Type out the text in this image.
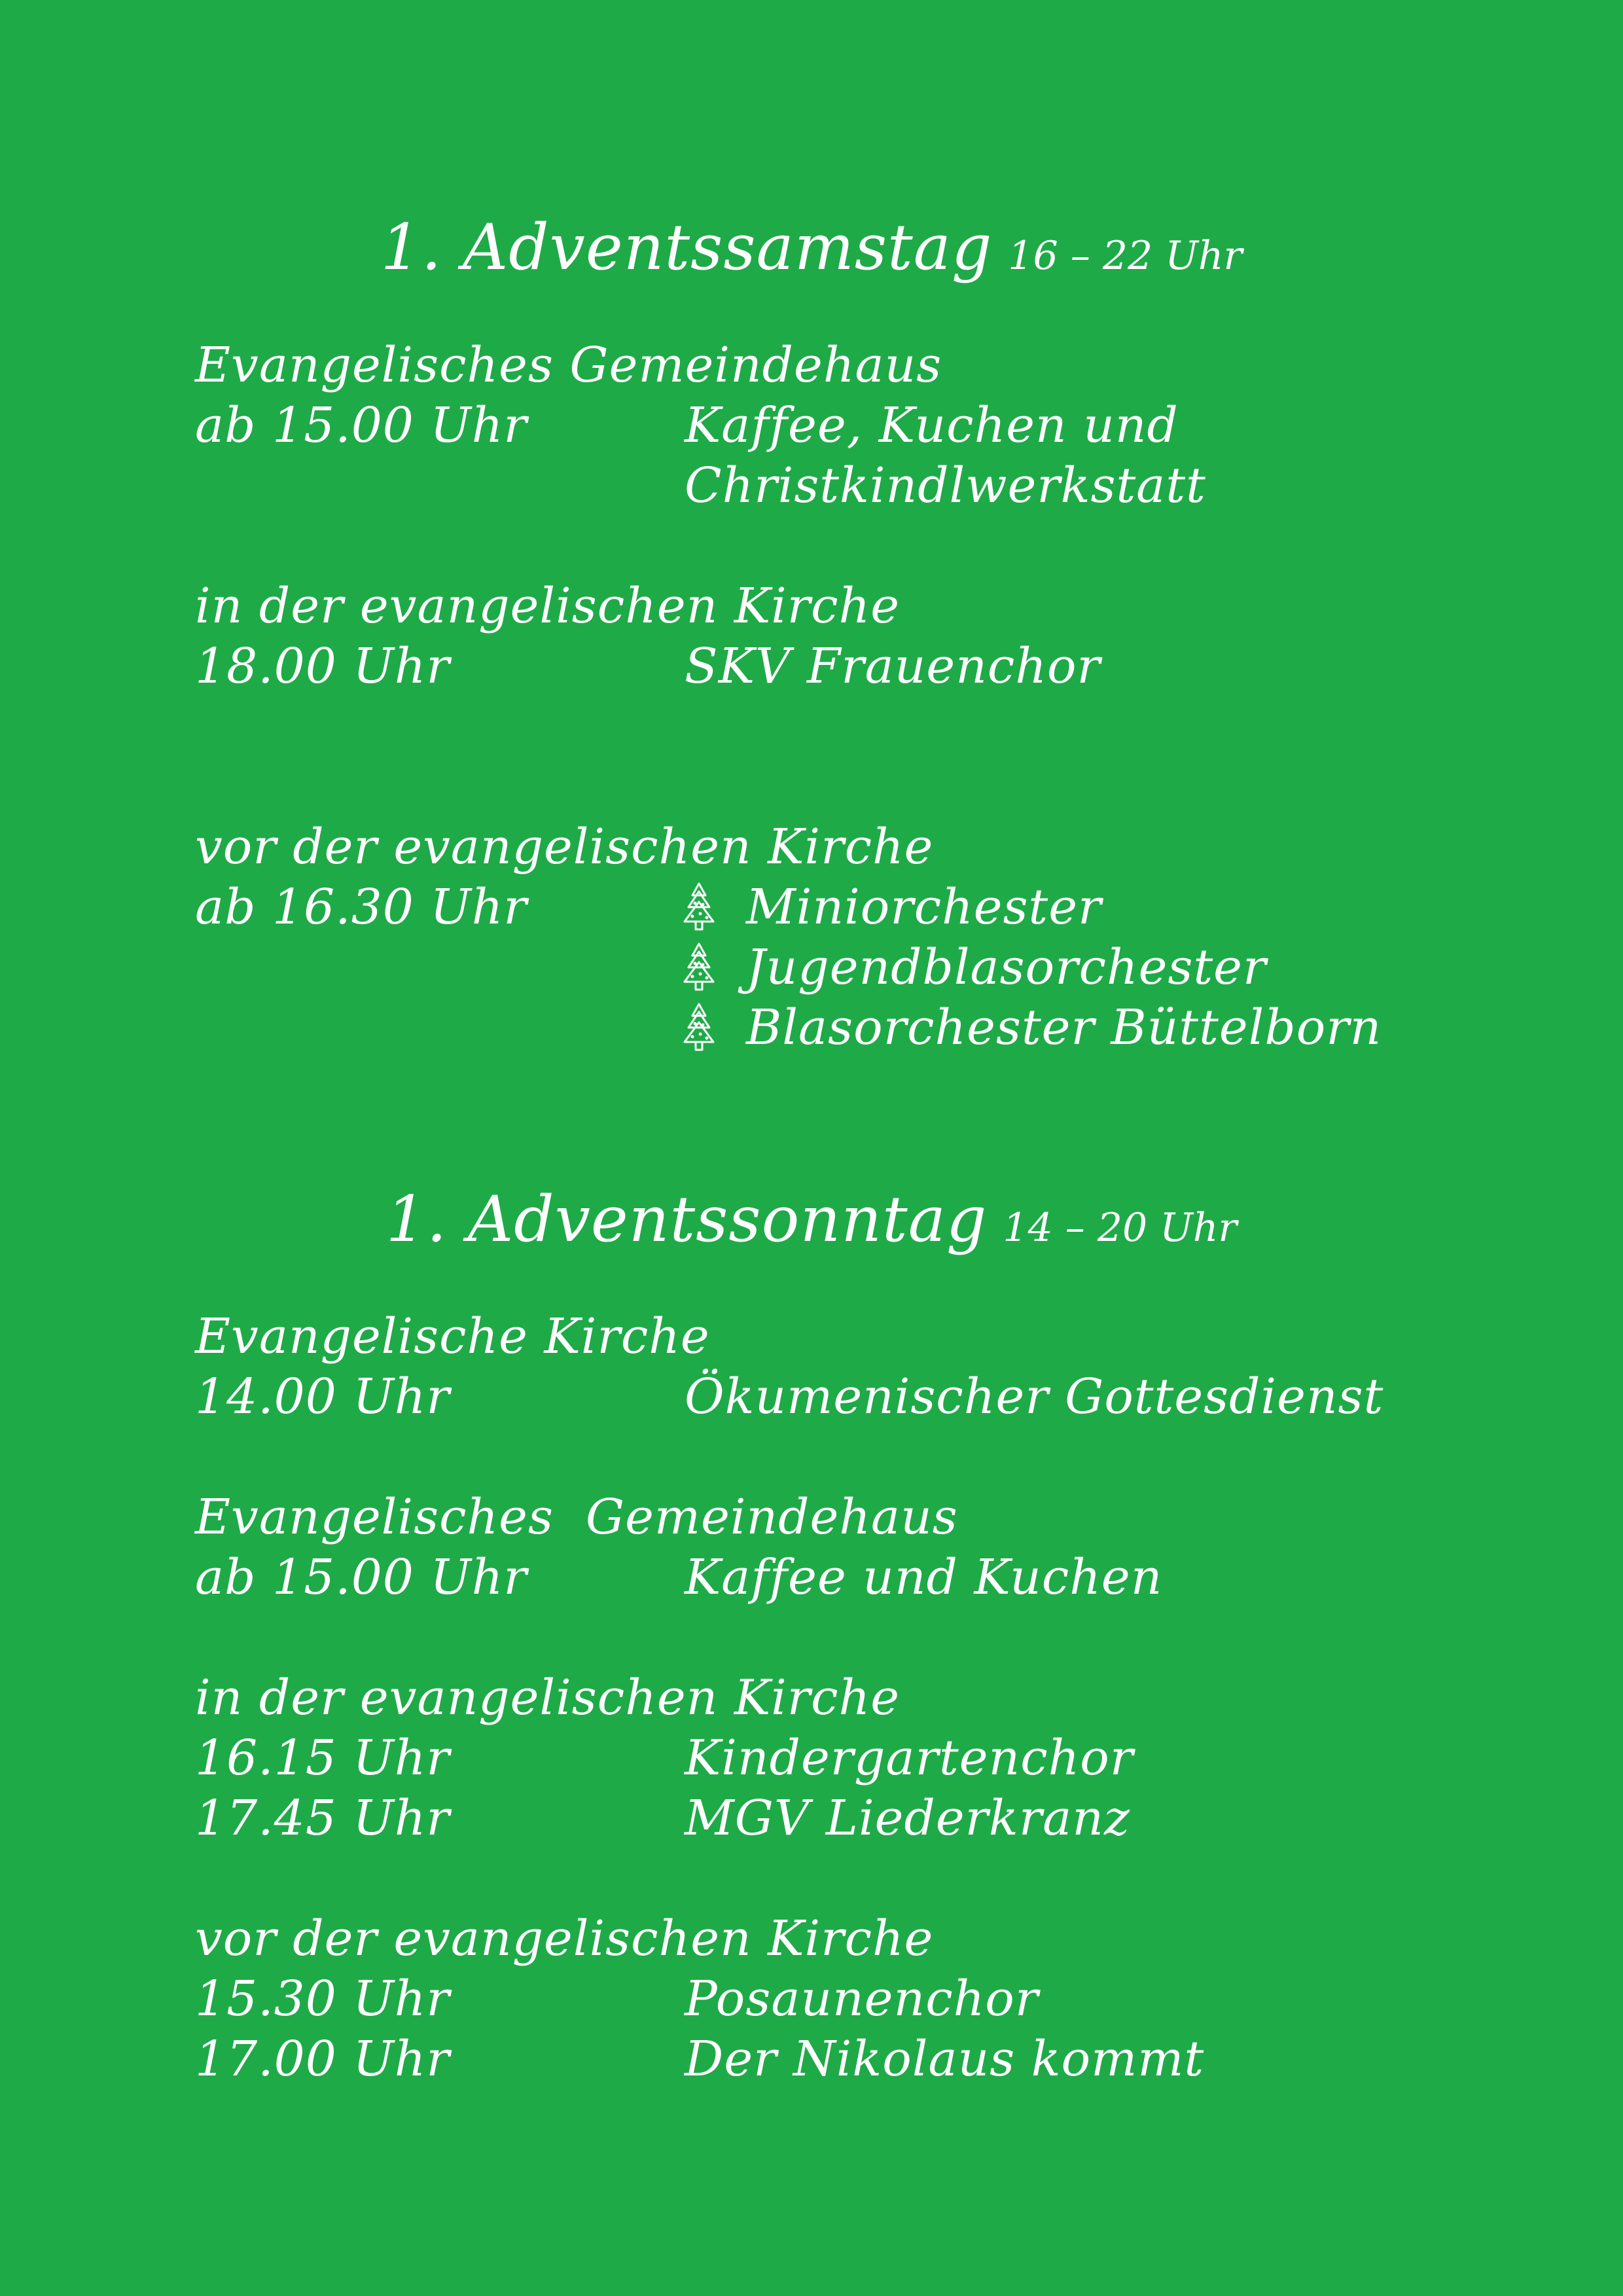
1. Adventssamstag 16 – 22 Uhr
Evangelisches Gemeindehaus
ab 15.00 Uhr	Kaffee, Kuchen und
Christkindlwerkstatt
in der evangelischen Kirche
18.00 Uhr	SKV Frauenchor
vor der evangelischen Kirche
ab 16.30 Uhr	Miniorchester
Jugendblasorchester
Blasorchester Büttelborn
1. Adventssonntag 14 – 20 Uhr
Evangelische Kirche
14.00 Uhr	Ökumenischer Gottesdienst
Evangelisches  Gemeindehaus
ab 15.00 Uhr	Kaffee und Kuchen
in der evangelischen Kirche
16.15 Uhr	Kindergartenchor
17.45 Uhr	MGV Liederkranz
vor der evangelischen Kirche
15.30 Uhr	Posaunenchor
17.00 Uhr	Der Nikolaus kommt
